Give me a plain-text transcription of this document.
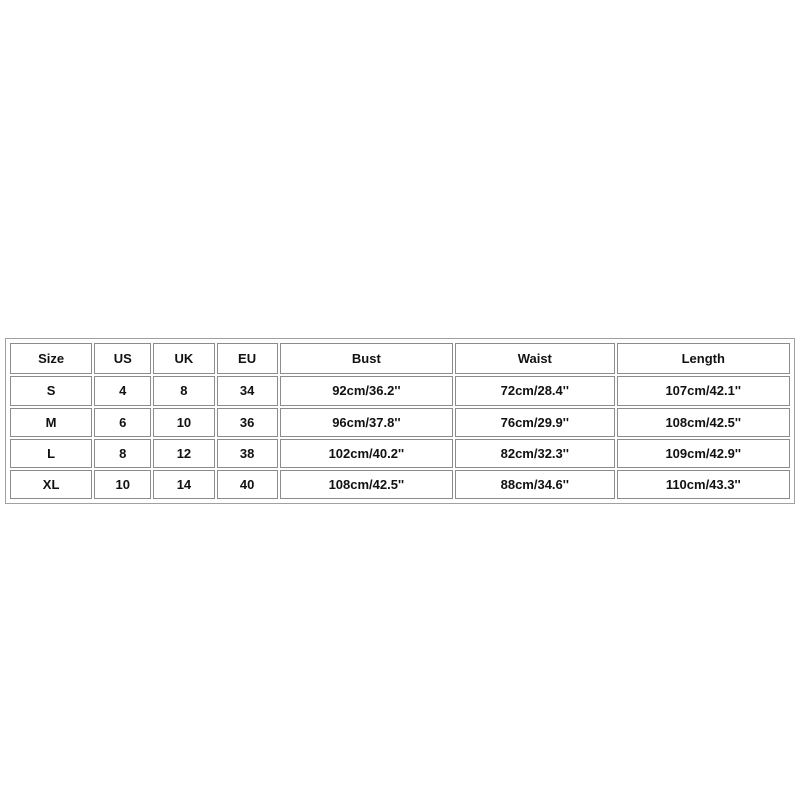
Size	US	UK	EU	Bust	Waist	Length
S	4	8	34	92cm/36.2''	72cm/28.4''	107cm/42.1''
M	6	10	36	96cm/37.8''	76cm/29.9''	108cm/42.5''
L	8	12	38	102cm/40.2''	82cm/32.3''	109cm/42.9''
XL	10	14	40	108cm/42.5''	88cm/34.6''	110cm/43.3''
